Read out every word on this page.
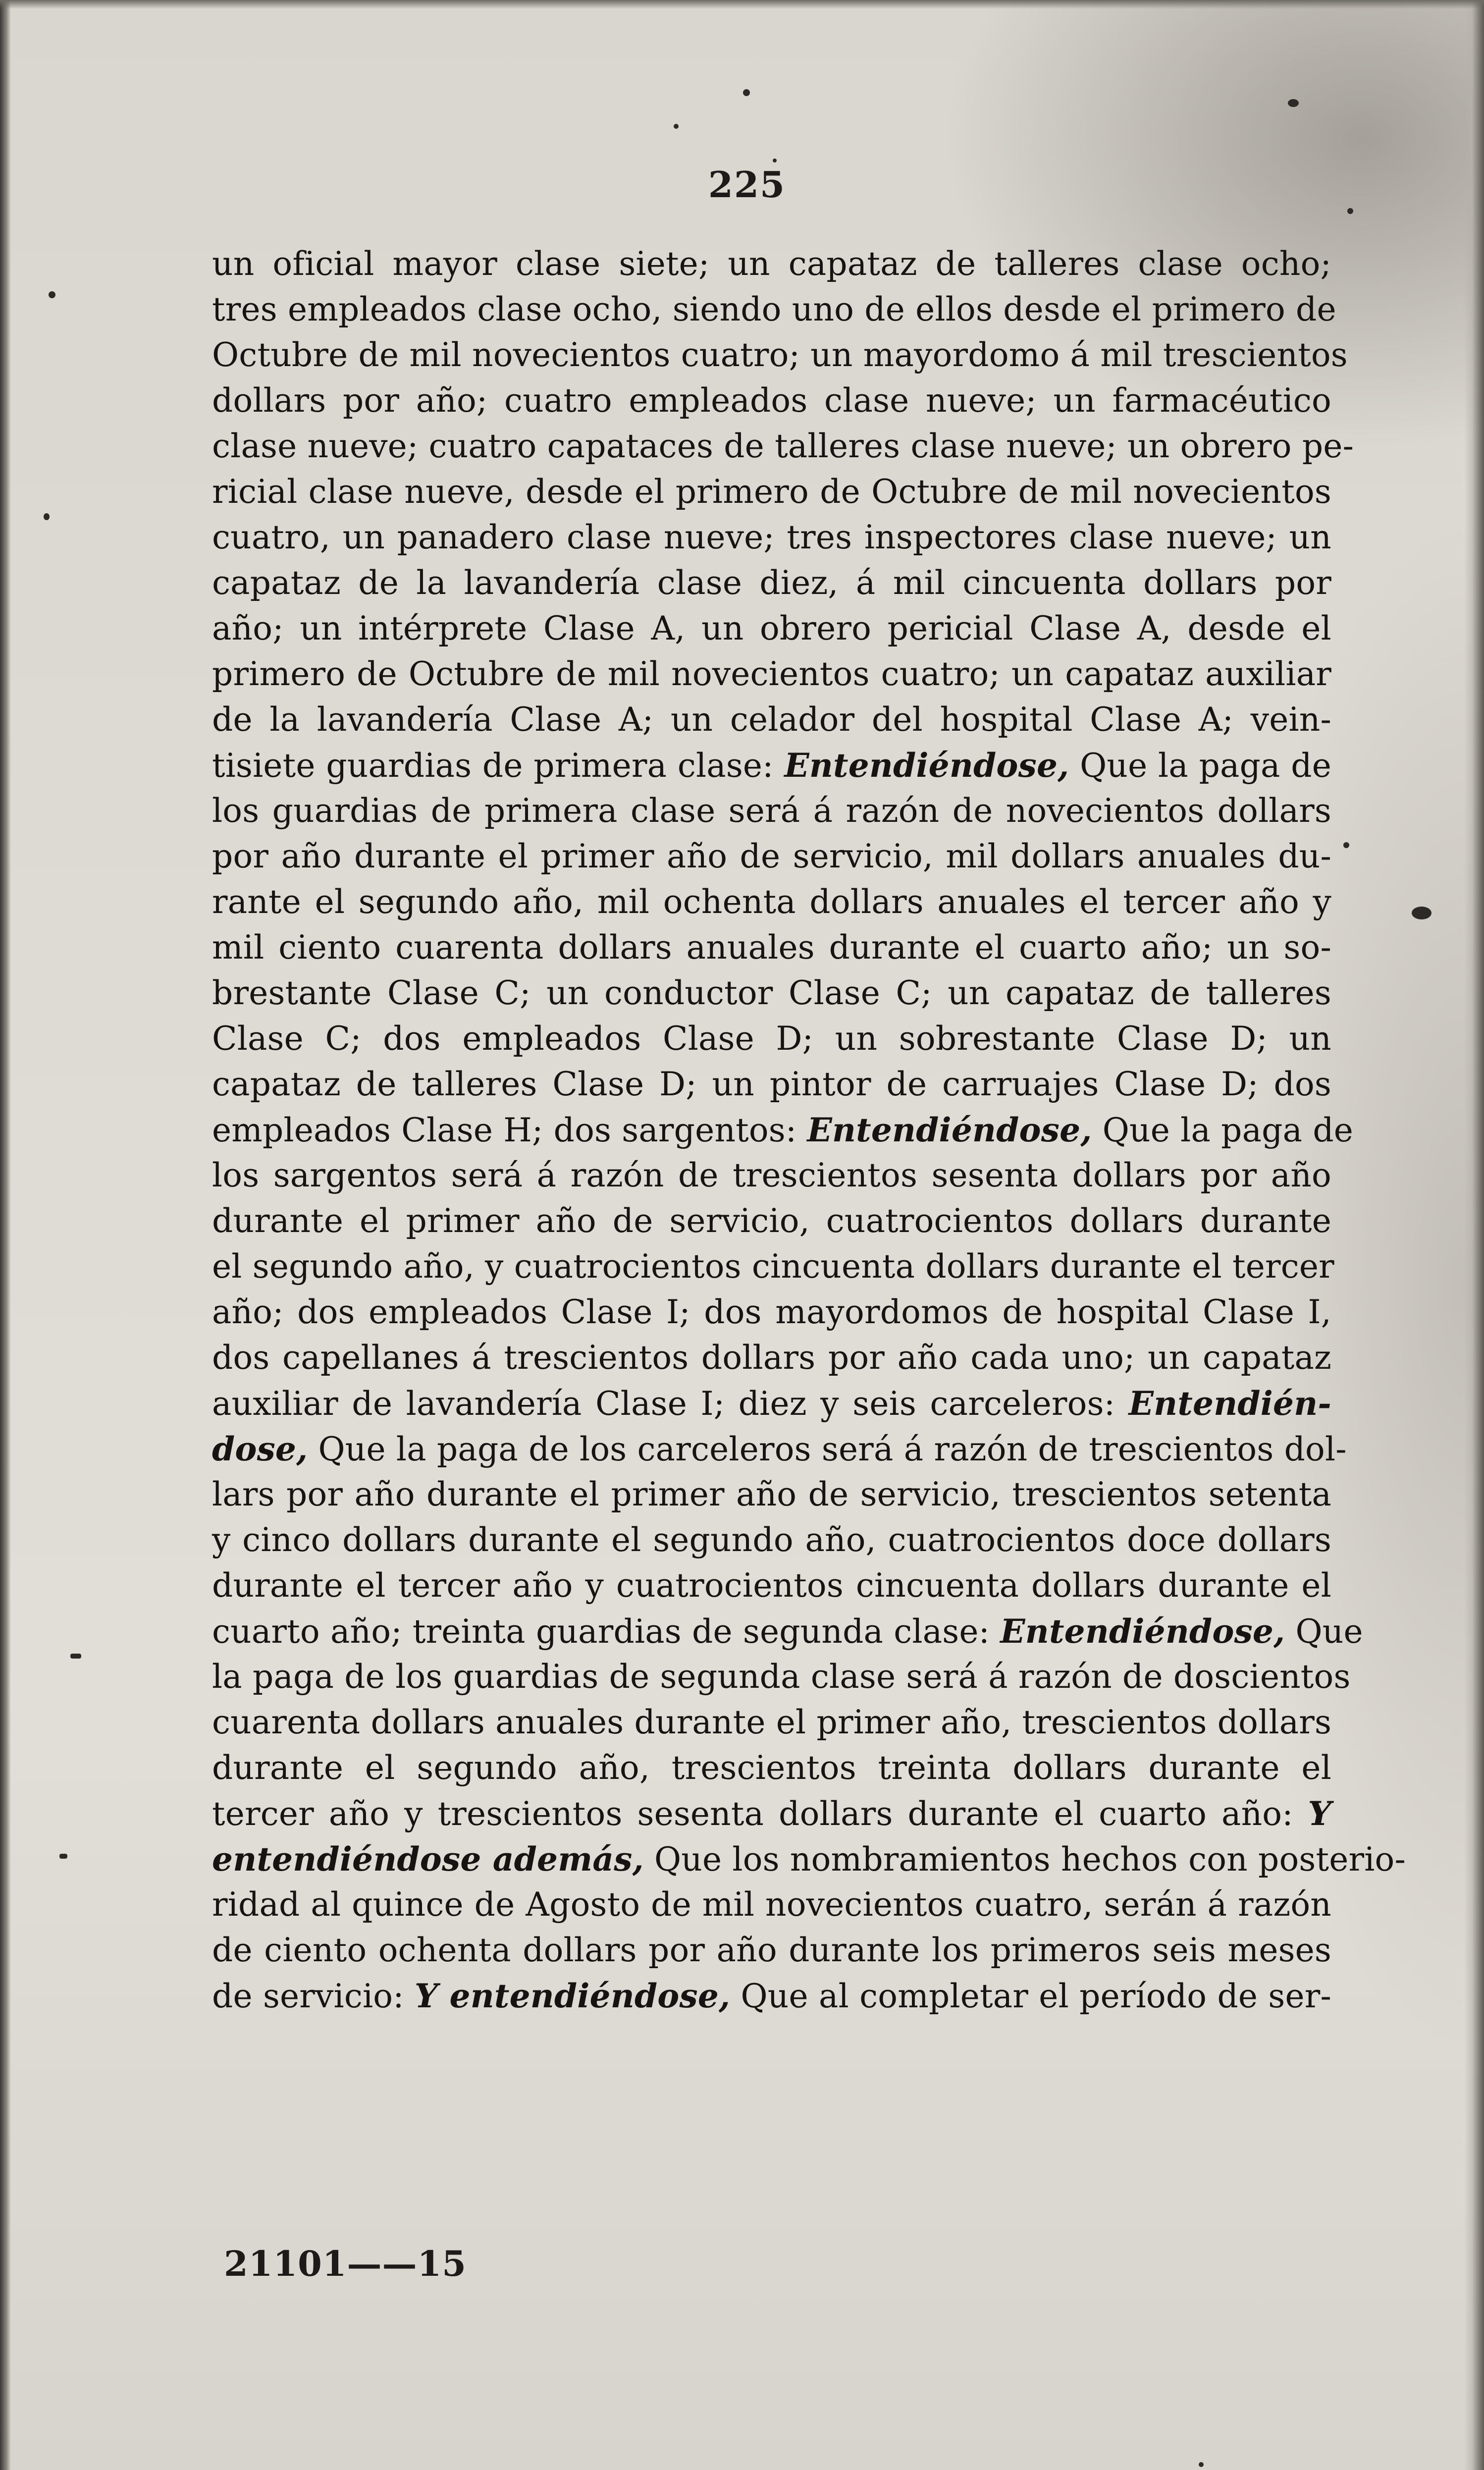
225
un oficial mayor clase siete; un capataz de talleres clase ocho;
tres empleados clase ocho, siendo uno de ellos desde el primero de
Octubre de mil novecientos cuatro; un mayordomo á mil trescientos
dollars por año; cuatro empleados clase nueve; un farmacéutico
clase nueve; cuatro capataces de talleres clase nueve; un obrero pe-
ricial clase nueve, desde el primero de Octubre de mil novecientos
cuatro, un panadero clase nueve; tres inspectores clase nueve; un
capataz de la lavandería clase diez, á mil cincuenta dollars por
año; un intérprete Clase A, un obrero pericial Clase A, desde el
primero de Octubre de mil novecientos cuatro; un capataz auxiliar
de la lavandería Clase A; un celador del hospital Clase A; vein-
tisiete guardias de primera clase: Entendiéndose, Que la paga de
los guardias de primera clase será á razón de novecientos dollars
por año durante el primer año de servicio, mil dollars anuales du-
rante el segundo año, mil ochenta dollars anuales el tercer año y
mil ciento cuarenta dollars anuales durante el cuarto año; un so-
brestante Clase C; un conductor Clase C; un capataz de talleres
Clase C; dos empleados Clase D; un sobrestante Clase D; un
capataz de talleres Clase D; un pintor de carruajes Clase D; dos
empleados Clase H; dos sargentos: Entendiéndose, Que la paga de
los sargentos será á razón de trescientos sesenta dollars por año
durante el primer año de servicio, cuatrocientos dollars durante
el segundo año, y cuatrocientos cincuenta dollars durante el tercer
año; dos empleados Clase I; dos mayordomos de hospital Clase I,
dos capellanes á trescientos dollars por año cada uno; un capataz
auxiliar de lavandería Clase I; diez y seis carceleros: Entendién-
dose, Que la paga de los carceleros será á razón de trescientos dol-
lars por año durante el primer año de servicio, trescientos setenta
y cinco dollars durante el segundo año, cuatrocientos doce dollars
durante el tercer año y cuatrocientos cincuenta dollars durante el
cuarto año; treinta guardias de segunda clase: Entendiéndose, Que
la paga de los guardias de segunda clase será á razón de doscientos
cuarenta dollars anuales durante el primer año, trescientos dollars
durante el segundo año, trescientos treinta dollars durante el
tercer año y trescientos sesenta dollars durante el cuarto año: Y
entendiéndose además, Que los nombramientos hechos con posterio-
ridad al quince de Agosto de mil novecientos cuatro, serán á razón
de ciento ochenta dollars por año durante los primeros seis meses
de servicio: Y entendiéndose, Que al completar el período de ser-
21101——15
